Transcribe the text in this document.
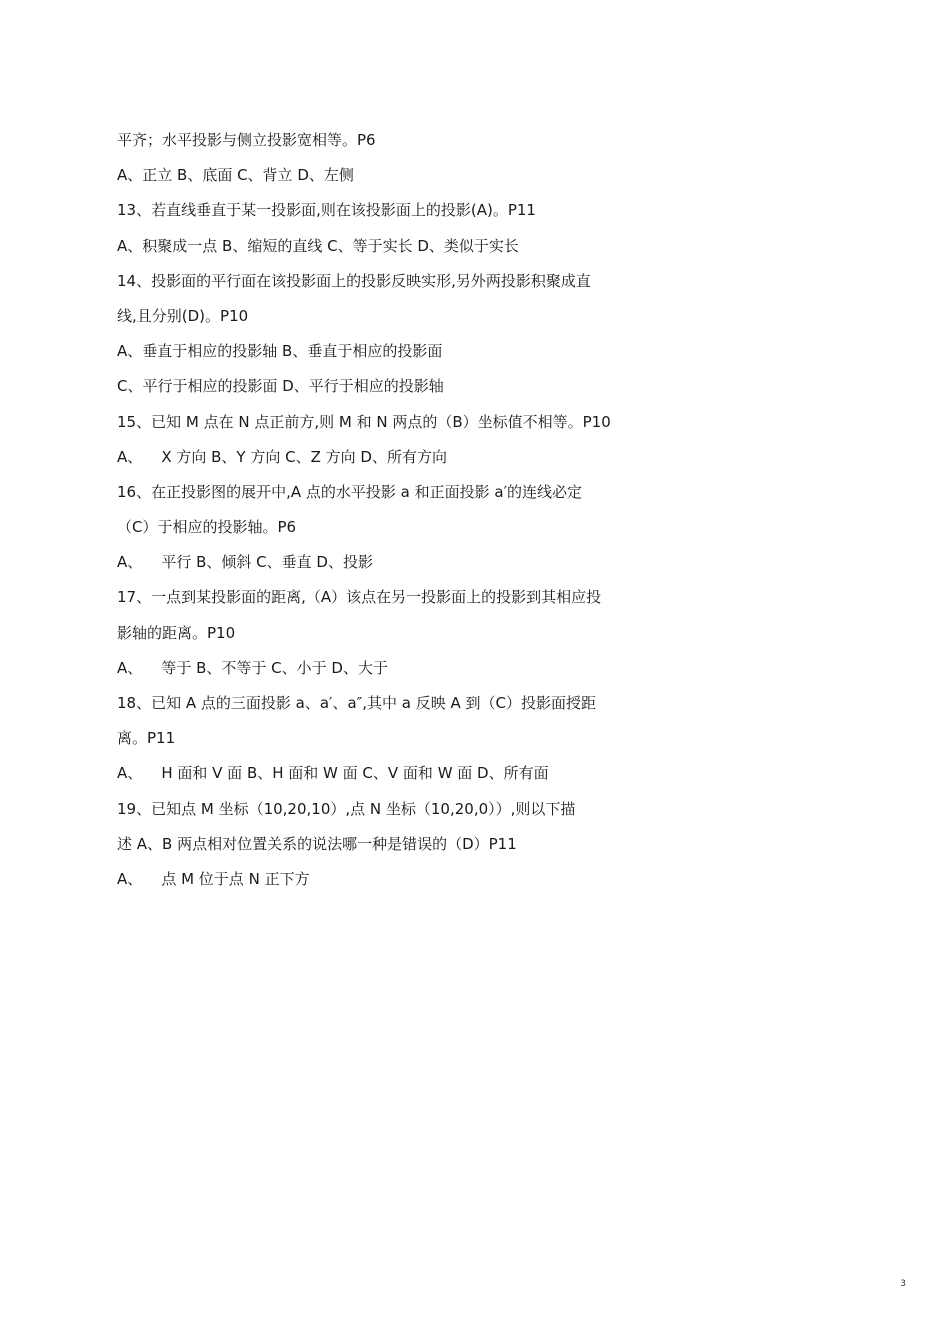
平齐；水平投影与侧立投影宽相等。P6

A、正立 B、底面 C、背立 D、左侧

13、若直线垂直于某一投影面,则在该投影面上的投影(A)。P11

A、积聚成一点 B、缩短的直线 C、等于实长 D、类似于实长

14、投影面的平行面在该投影面上的投影反映实形,另外两投影积聚成直

线,且分别(D)。P10

A、垂直于相应的投影轴 B、垂直于相应的投影面

C、平行于相应的投影面 D、平行于相应的投影轴

15、已知 M 点在 N 点正前方,则 M 和 N 两点的（B）坐标值不相等。P10

A、    X 方向 B、Y 方向 C、Z 方向 D、所有方向

16、在正投影图的展开中,A 点的水平投影 a 和正面投影 a′的连线必定

（C）于相应的投影轴。P6

A、    平行 B、倾斜 C、垂直 D、投影

17、一点到某投影面的距离,（A）该点在另一投影面上的投影到其相应投

影轴的距离。P10

A、    等于 B、不等于 C、小于 D、大于

18、已知 A 点的三面投影 a、a′、a″,其中 a 反映 A 到（C）投影面授距

离。P11

A、    H 面和 V 面 B、H 面和 W 面 C、V 面和 W 面 D、所有面

19、已知点 M 坐标（10,20,10）,点 N 坐标（10,20,0））,则以下描

述 A、B 两点相对位置关系的说法哪一种是错误的（D）P11

A、    点 M 位于点 N 正下方

3
